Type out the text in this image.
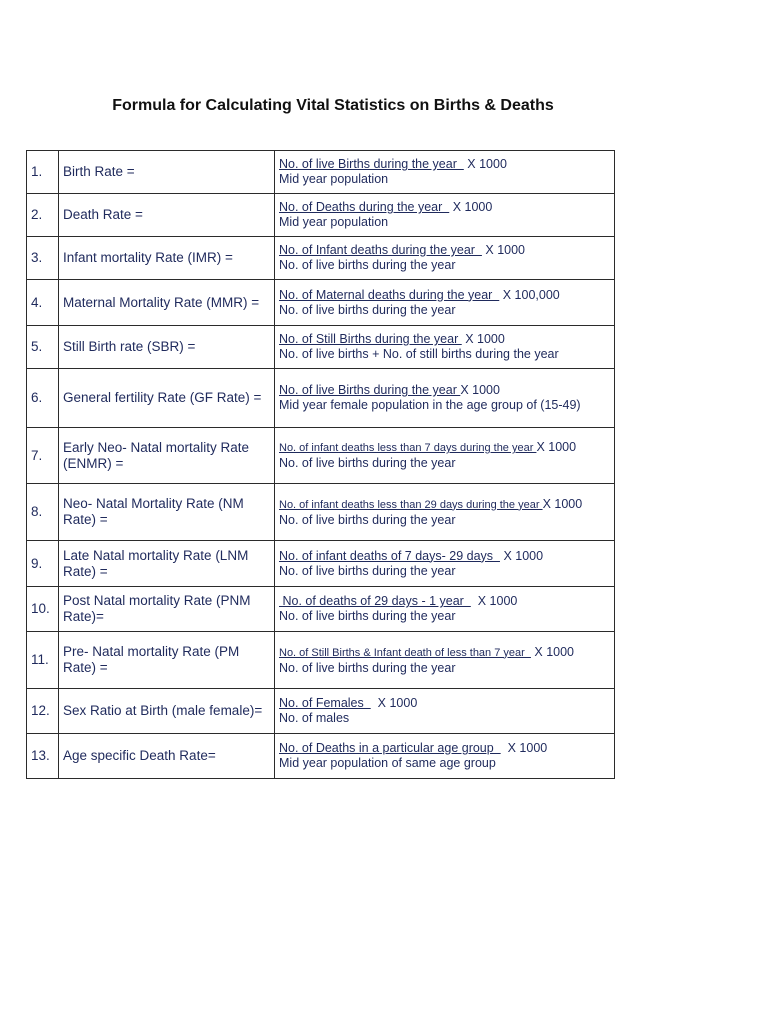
Formula for Calculating Vital Statistics on Births & Deaths
1.	Birth Rate =	No. of live Births during the year   X 1000
Mid year population
2.	Death Rate =	No. of Deaths during the year   X 1000
Mid year population
3.	Infant mortality Rate (IMR) =	No. of Infant deaths during the year   X 1000
No. of live births during the year
4.	Maternal Mortality Rate (MMR) =	No. of Maternal deaths during the year   X 100,000
No. of live births during the year
5.	Still Birth rate (SBR) =	No. of Still Births during the year  X 1000
No. of live births + No. of still births during the year
6.	General fertility Rate (GF Rate) =	No. of live Births during the year X 1000
Mid year female population in the age group of (15-49)
7.	Early Neo- Natal mortality Rate (ENMR) =	No. of infant deaths less than 7 days during the year X 1000
No. of live births during the year
8.	Neo- Natal Mortality Rate (NM Rate) =	No. of infant deaths less than 29 days during the year X 1000
No. of live births during the year
9.	Late Natal mortality Rate (LNM Rate) =	No. of infant deaths of 7 days- 29 days   X 1000
No. of live births during the year
10.	Post Natal mortality Rate (PNM Rate)=	No. of deaths of 29 days - 1 year    X 1000
No. of live births during the year
11.	Pre- Natal mortality Rate (PM Rate) =	No. of Still Births & Infant death of less than 7 year   X 1000
No. of live births during the year
12.	Sex Ratio at Birth (male female)=	No. of Females    X 1000
No. of males
13.	Age specific Death Rate=	No. of Deaths in a particular age group    X 1000
Mid year population of same age group
